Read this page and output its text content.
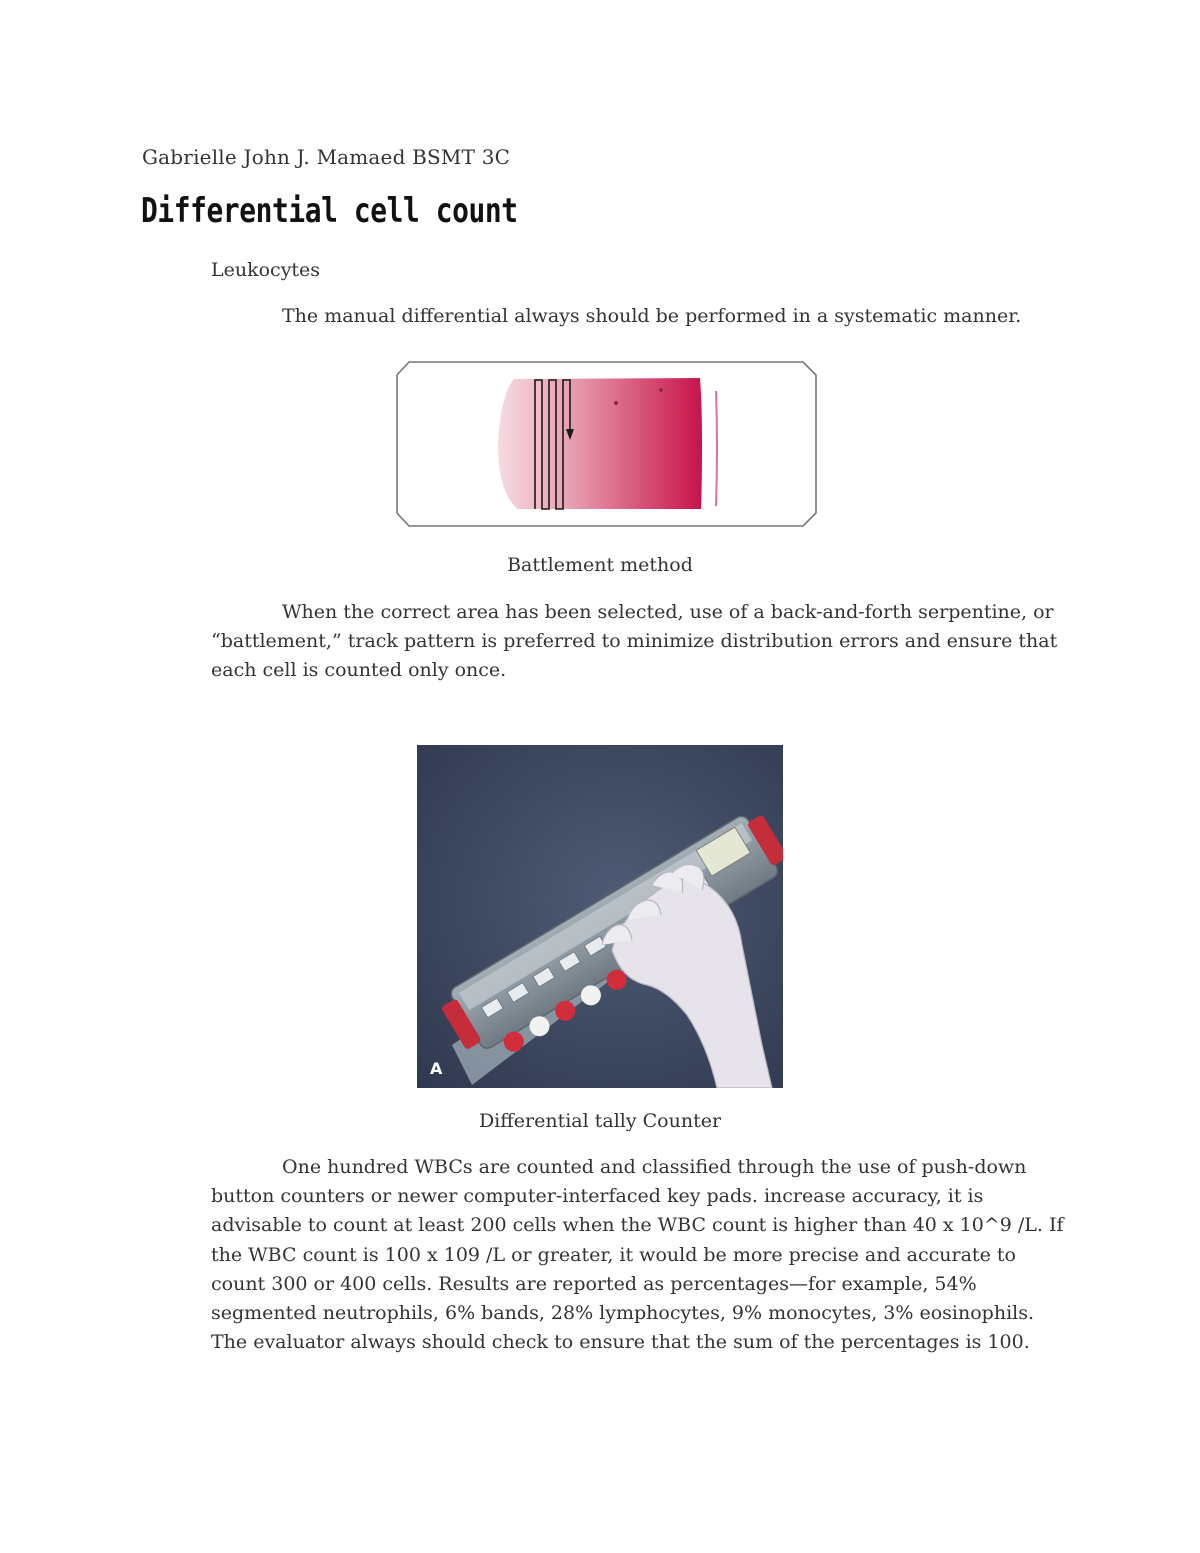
Gabrielle John J. Mamaed BSMT 3C
Differential cell count
Leukocytes
The manual differential always should be performed in a systematic manner.
Battlement method
When the correct area has been selected, use of a back-and-forth serpentine, or “battlement,” track pattern is preferred to minimize distribution errors and ensure that each cell is counted only once.
A
Differential tally Counter
One hundred WBCs are counted and classified through the use of push-down button counters or newer computer-interfaced key pads. increase accuracy, it is advisable to count at least 200 cells when the WBC count is higher than 40 x 10^9 /L. If the WBC count is 100 x 109 /L or greater, it would be more precise and accurate to count 300 or 400 cells. Results are reported as percentages—for example, 54% segmented neutrophils, 6% bands, 28% lymphocytes, 9% monocytes, 3% eosinophils. The evaluator always should check to ensure that the sum of the percentages is 100.
